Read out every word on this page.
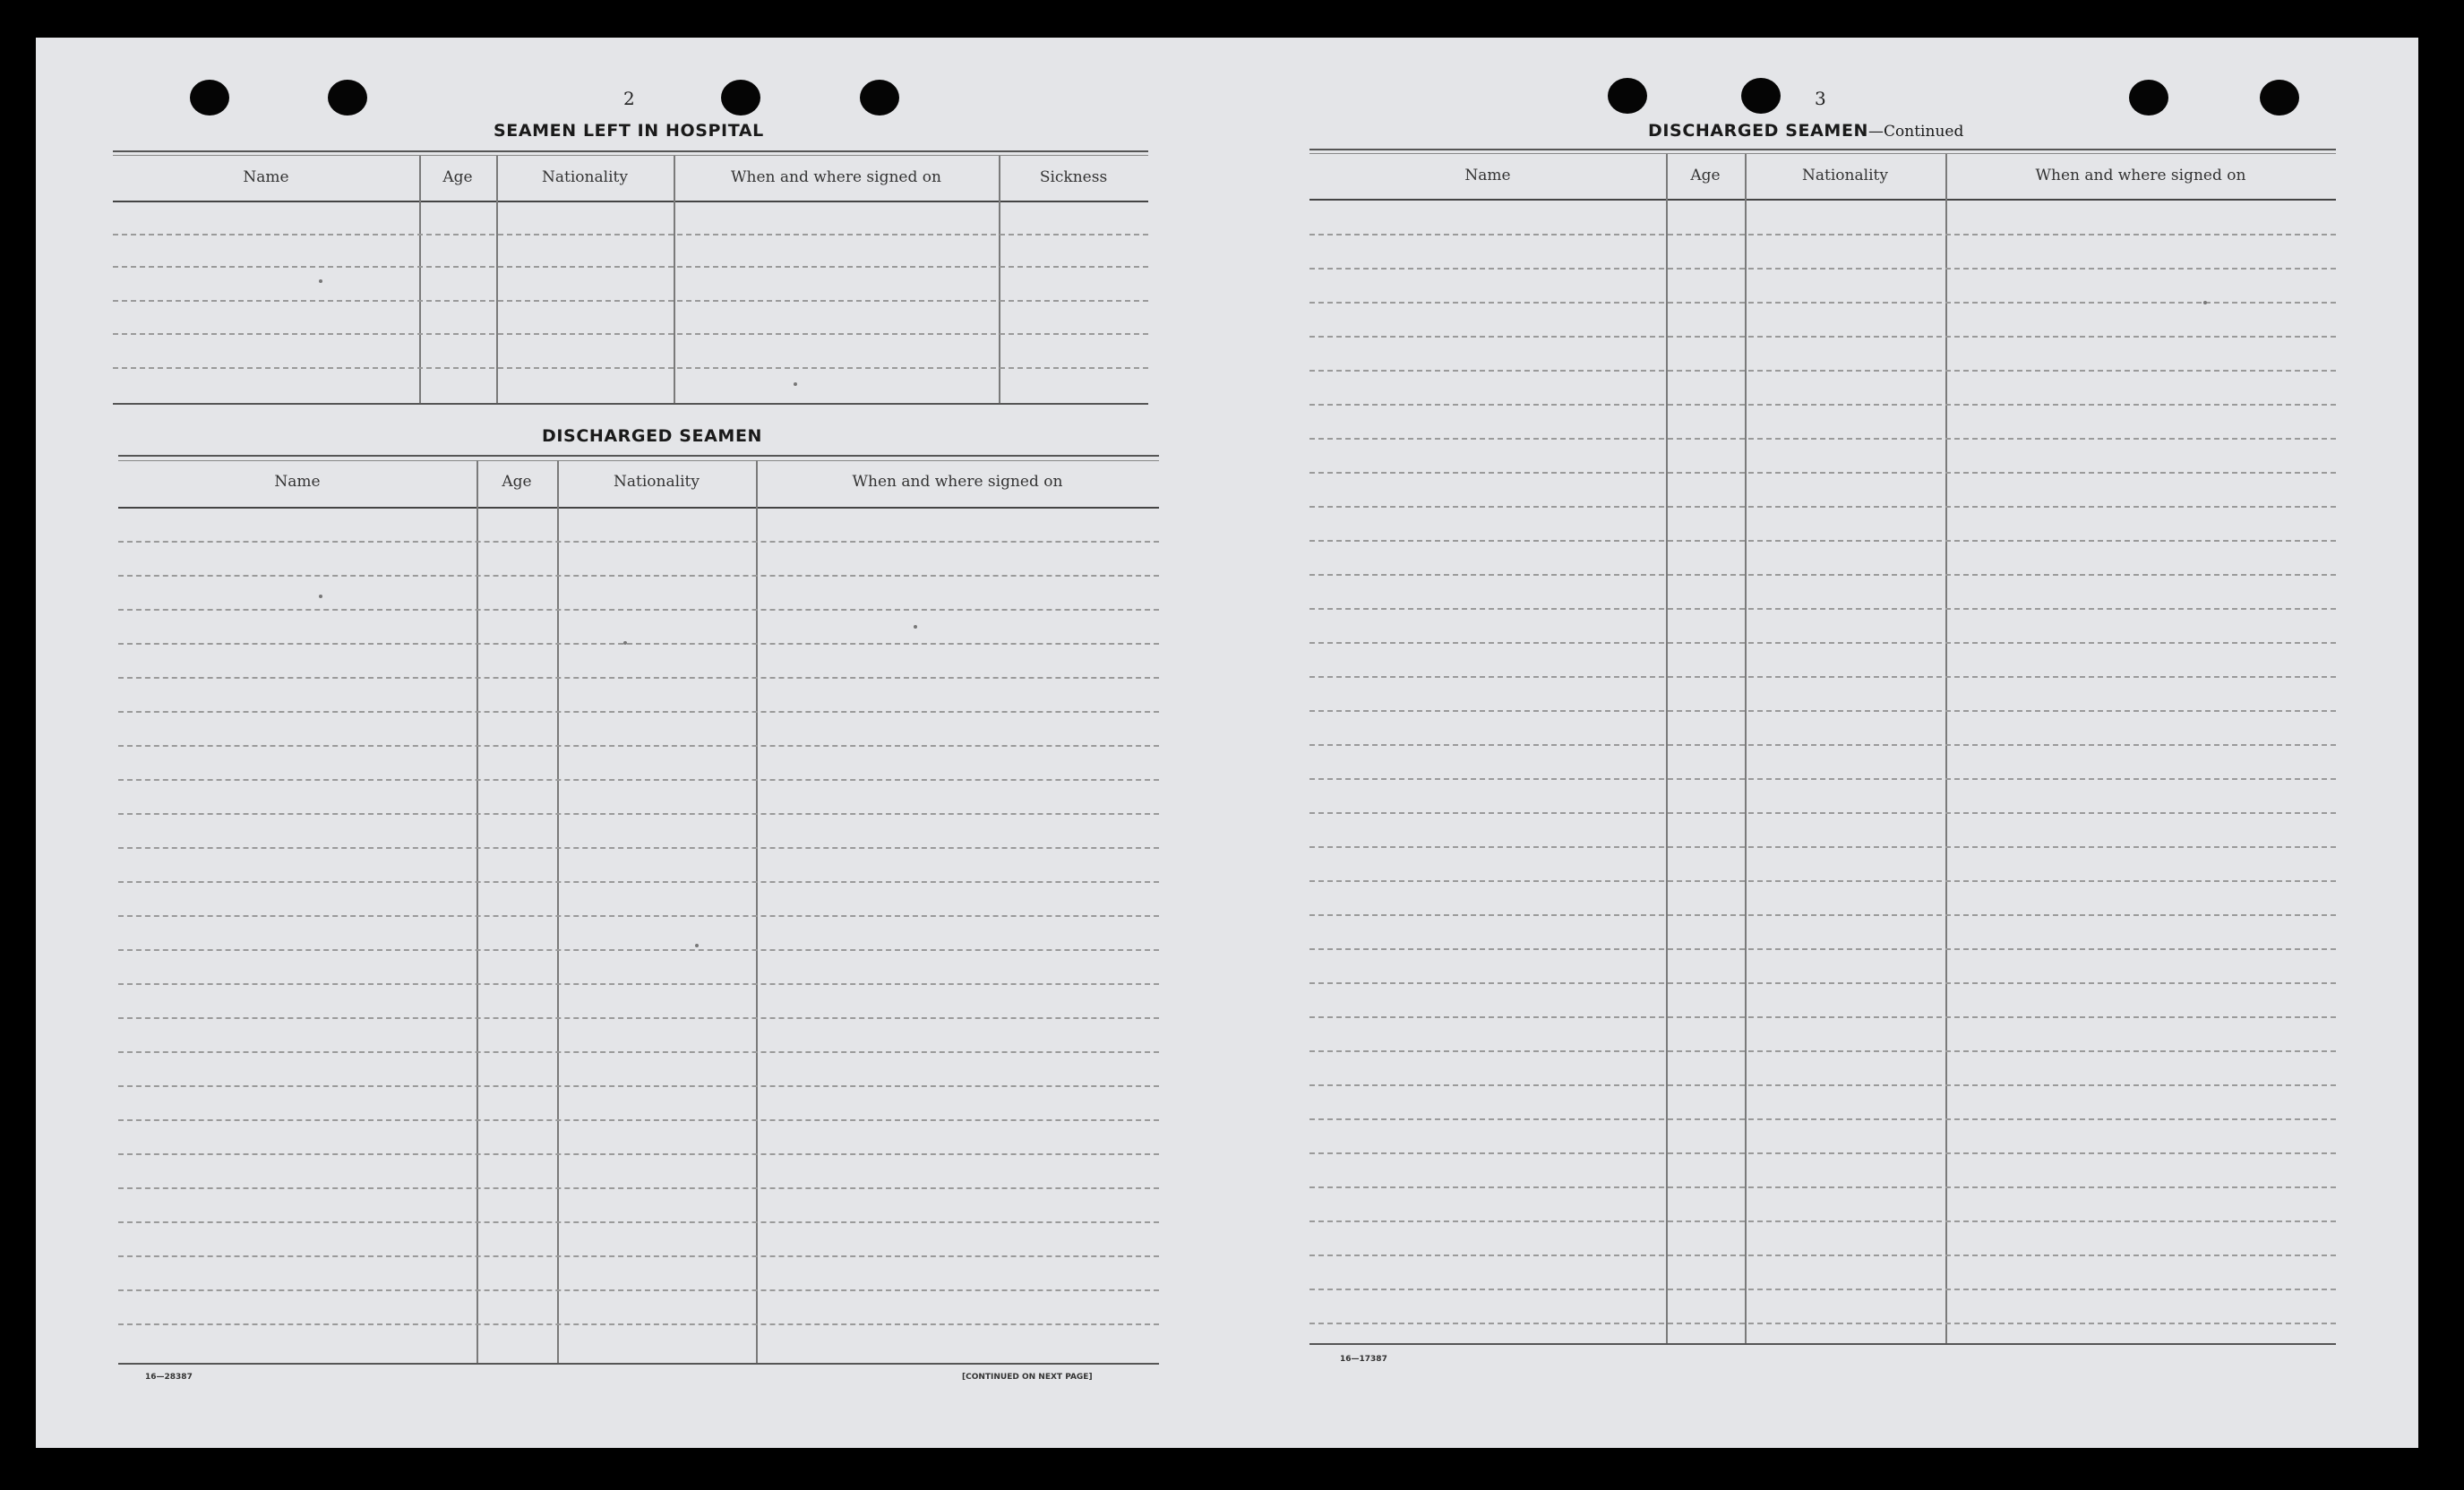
2
SEAMEN LEFT IN HOSPITAL
Name	Age	Nationality	When and where signed on	Sickness
DISCHARGED SEAMEN
Name	Age	Nationality	When and where signed on
16—28387	[CONTINUED ON NEXT PAGE]
3
DISCHARGED SEAMEN—Continued
Name	Age	Nationality	When and where signed on
16—17387
